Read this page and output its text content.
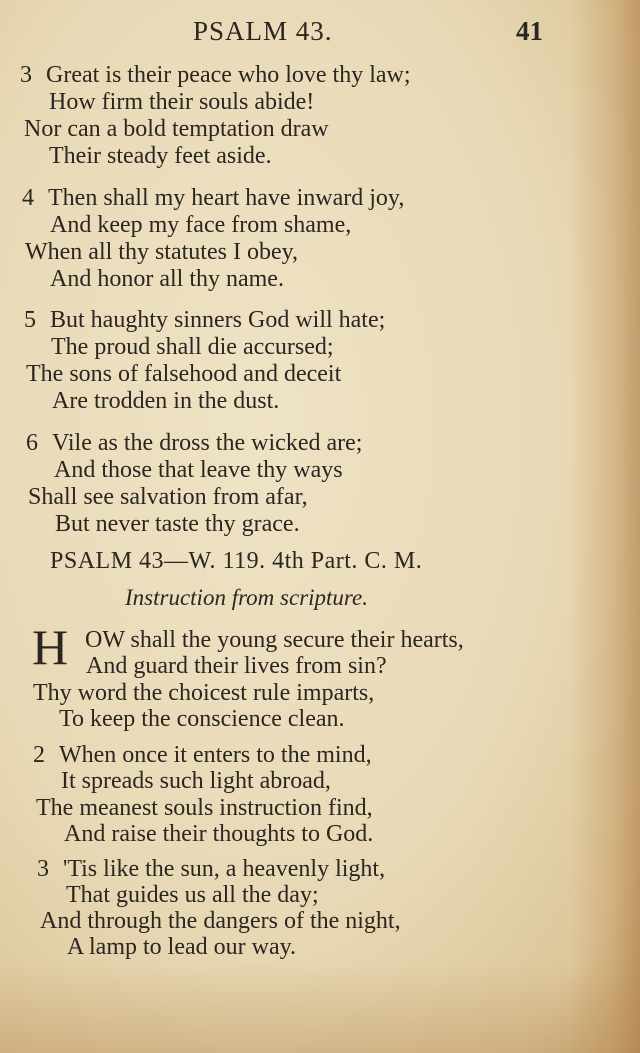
PSALM 43.	41
3 Great is their peace who love thy law;
How firm their souls abide!
Nor can a bold temptation draw
Their steady feet aside.
4 Then shall my heart have inward joy,
And keep my face from shame,
When all thy statutes I obey,
And honor all thy name.
5 But haughty sinners God will hate;
The proud shall die accursed;
The sons of falsehood and deceit
Are trodden in the dust.
6 Vile as the dross the wicked are;
And those that leave thy ways
Shall see salvation from afar,
But never taste thy grace.
PSALM 43—W. 119. 4th Part. C. M.
Instruction from scripture.
H OW shall the young secure their hearts,
And guard their lives from sin?
Thy word the choicest rule imparts,
To keep the conscience clean.
2 When once it enters to the mind,
It spreads such light abroad,
The meanest souls instruction find,
And raise their thoughts to God.
3 'Tis like the sun, a heavenly light,
That guides us all the day;
And through the dangers of the night,
A lamp to lead our way.
